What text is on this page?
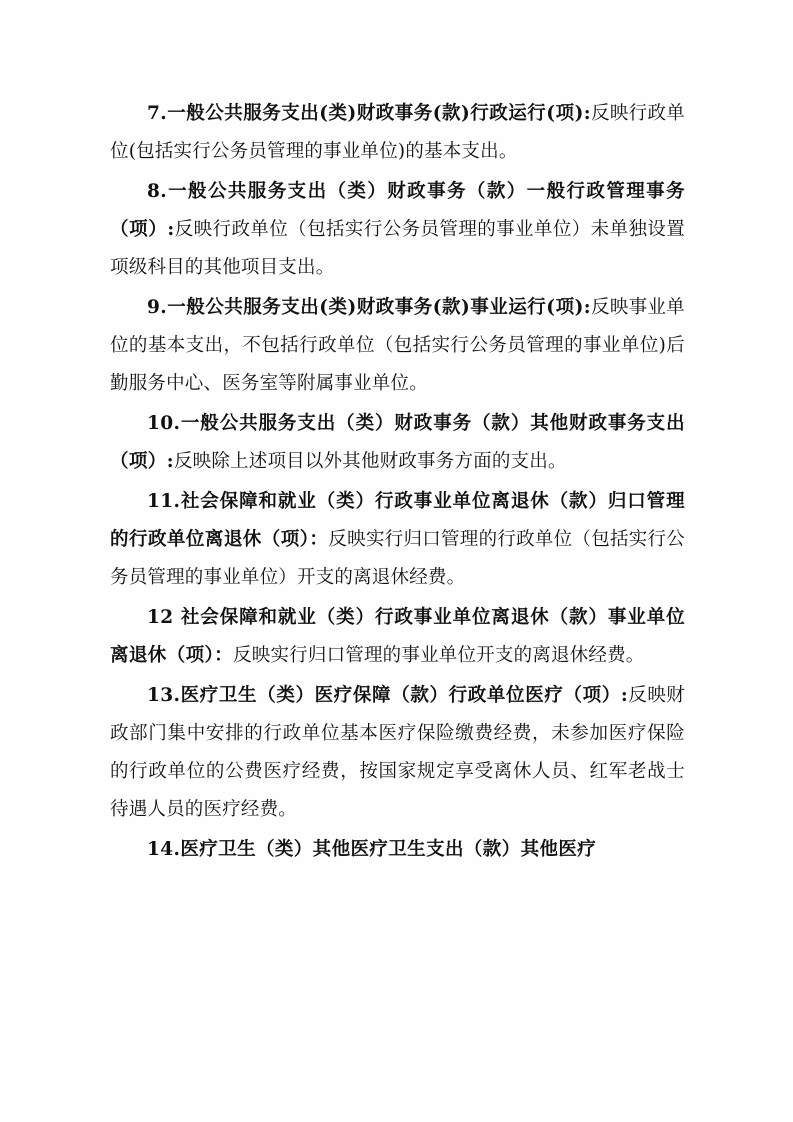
7.一般公共服务支出(类)财政事务(款)行政运行(项):反映行政单位(包括实行公务员管理的事业单位)的基本支出。

8.一般公共服务支出（类）财政事务（款）一般行政管理事务（项）:反映行政单位（包括实行公务员管理的事业单位）未单独设置项级科目的其他项目支出。

9.一般公共服务支出(类)财政事务(款)事业运行(项):反映事业单位的基本支出，不包括行政单位（包括实行公务员管理的事业单位)后勤服务中心、医务室等附属事业单位。

10.一般公共服务支出（类）财政事务（款）其他财政事务支出（项）:反映除上述项目以外其他财政事务方面的支出。

11.社会保障和就业（类）行政事业单位离退休（款）归口管理的行政单位离退休（项）：反映实行归口管理的行政单位（包括实行公务员管理的事业单位）开支的离退休经费。

12 社会保障和就业（类）行政事业单位离退休（款）事业单位离退休（项）：反映实行归口管理的事业单位开支的离退休经费。

13.医疗卫生（类）医疗保障（款）行政单位医疗（项）:反映财政部门集中安排的行政单位基本医疗保险缴费经费，未参加医疗保险的行政单位的公费医疗经费，按国家规定享受离休人员、红军老战士待遇人员的医疗经费。

14.医疗卫生（类）其他医疗卫生支出（款）其他医疗
